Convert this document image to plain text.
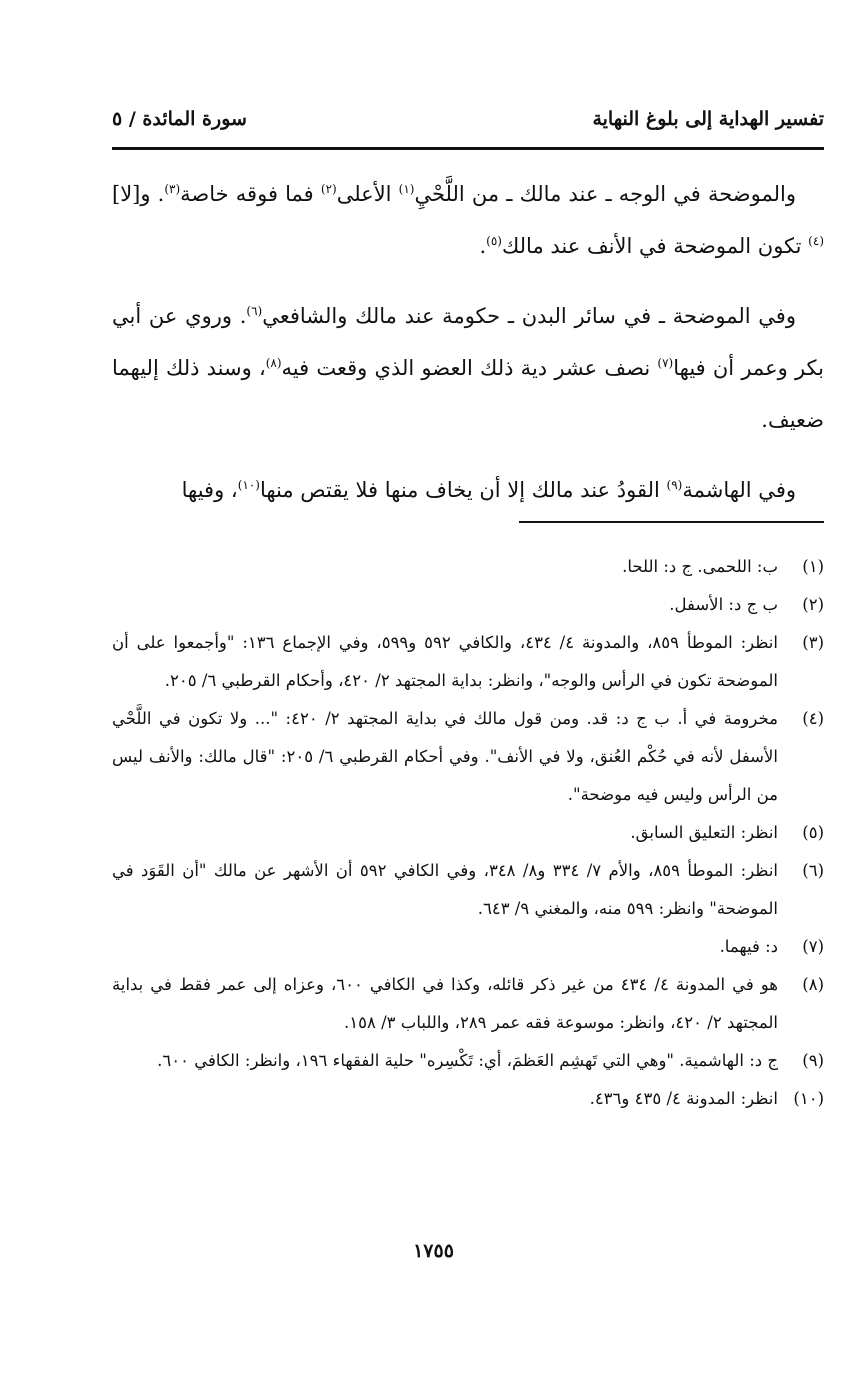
تفسير الهداية إلى بلوغ النهاية
سورة المائدة / ٥

والموضحة في الوجه ـ عند مالك ـ من اللَّحْيِ$^{(١)}$ الأعلى$^{(٢)}$ فما فوقه خاصة$^{(٣)}$. و[لا]$^{(٤)}$ تكون الموضحة في الأنف عند مالك$^{(٥)}$.

وفي الموضحة ـ في سائر البدن ـ حكومة عند مالك والشافعي$^{(٦)}$. وروي عن أبي بكر وعمر أن فيها$^{(٧)}$ نصف عشر دية ذلك العضو الذي وقعت فيه$^{(٨)}$، وسند ذلك إليهما ضعيف.

وفي الهاشمة$^{(٩)}$ القودُ عند مالك إلا أن يخاف منها فلا يقتص منها$^{(١٠)}$، وفيها

(١)
ب: اللحمى. ج د: اللحا.
(٢)
ب ج د: الأسفل.
(٣)
انظر: الموطأ ٨٥٩، والمدونة ٤/ ٤٣٤، والكافي ٥٩٢ و٥٩٩، وفي الإجماع ١٣٦: "وأجمعوا على أن الموضحة تكون في الرأس والوجه"، وانظر: بداية المجتهد ٢/ ٤٢٠، وأحكام القرطبي ٦/ ٢٠٥.
(٤)
مخرومة في أ. ب ج د: قد. ومن قول مالك في بداية المجتهد ٢/ ٤٢٠: "... ولا تكون في اللَّحْي الأسفل لأنه في حُكْم العُنق، ولا في الأنف". وفي أحكام القرطبي ٦/ ٢٠٥: "قال مالك: والأنف ليس من الرأس وليس فيه موضحة".
(٥)
انظر: التعليق السابق.
(٦)
انظر: الموطأ ٨٥٩، والأم ٧/ ٣٣٤ و٨/ ٣٤٨، وفي الكافي ٥٩٢ أن الأشهر عن مالك "أن القَوَد في الموضحة" وانظر: ٥٩٩ منه، والمغني ٩/ ٦٤٣.
(٧)
د: فيهما.
(٨)
هو في المدونة ٤/ ٤٣٤ من غير ذكر قائله، وكذا في الكافي ٦٠٠، وعزاه إلى عمر فقط في بداية المجتهد ٢/ ٤٢٠، وانظر: موسوعة فقه عمر ٢٨٩، واللباب ٣/ ١٥٨.
(٩)
ج د: الهاشمية. "وهي التي تَهشِم العَظمَ، أي: تَكْسِره" حلية الفقهاء ١٩٦، وانظر: الكافي ٦٠٠.
(١٠)
انظر: المدونة ٤/ ٤٣٥ و٤٣٦.
١٧٥٥
